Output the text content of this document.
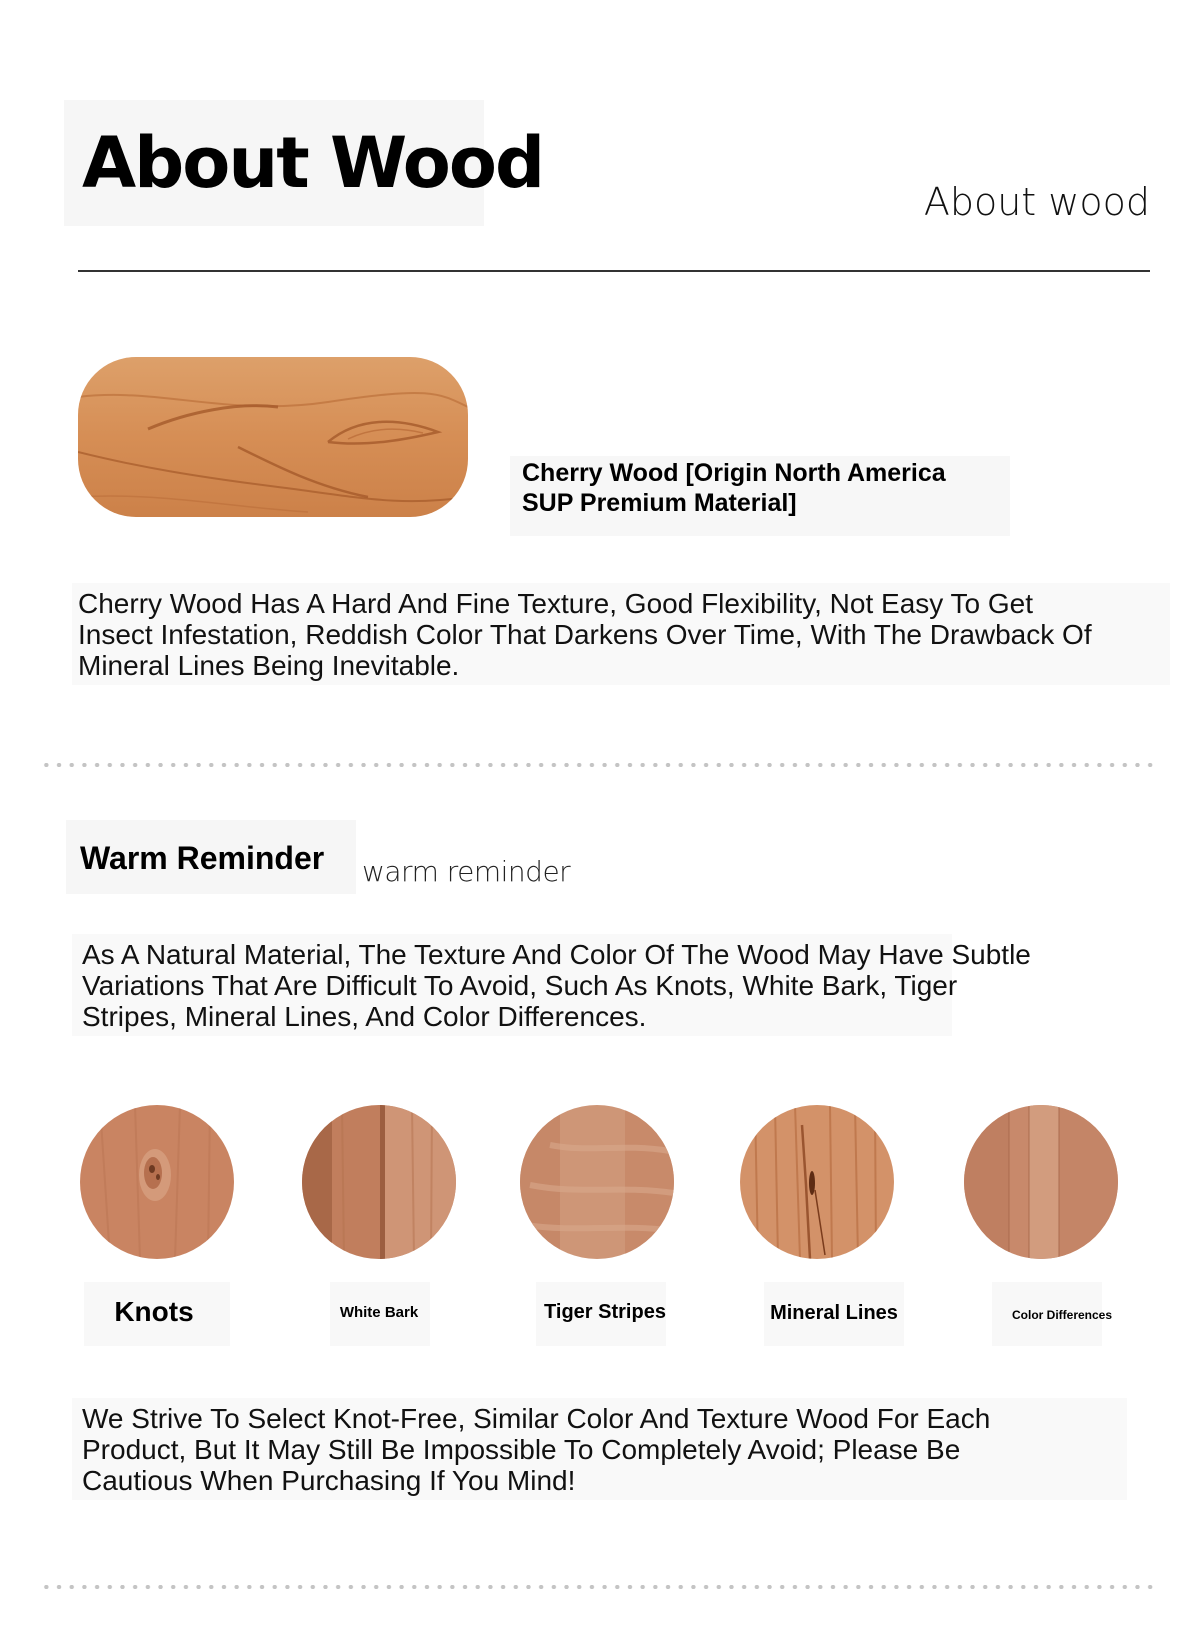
About Wood	About wood
Cherry Wood [Origin North America
SUP Premium Material]
Cherry Wood Has A Hard And Fine Texture, Good Flexibility, Not Easy To Get
Insect Infestation, Reddish Color That Darkens Over Time, With The Drawback Of
Mineral Lines Being Inevitable.
Warm Reminder warm reminder
As A Natural Material, The Texture And Color Of The Wood May Have Subtle
Variations That Are Difficult To Avoid, Such As Knots, White Bark, Tiger
Stripes, Mineral Lines, And Color Differences.
Knots	White Bark	Tiger Stripes	Mineral Lines	Color Differences
We Strive To Select Knot-Free, Similar Color And Texture Wood For Each
Product, But It May Still Be Impossible To Completely Avoid; Please Be
Cautious When Purchasing If You Mind!
